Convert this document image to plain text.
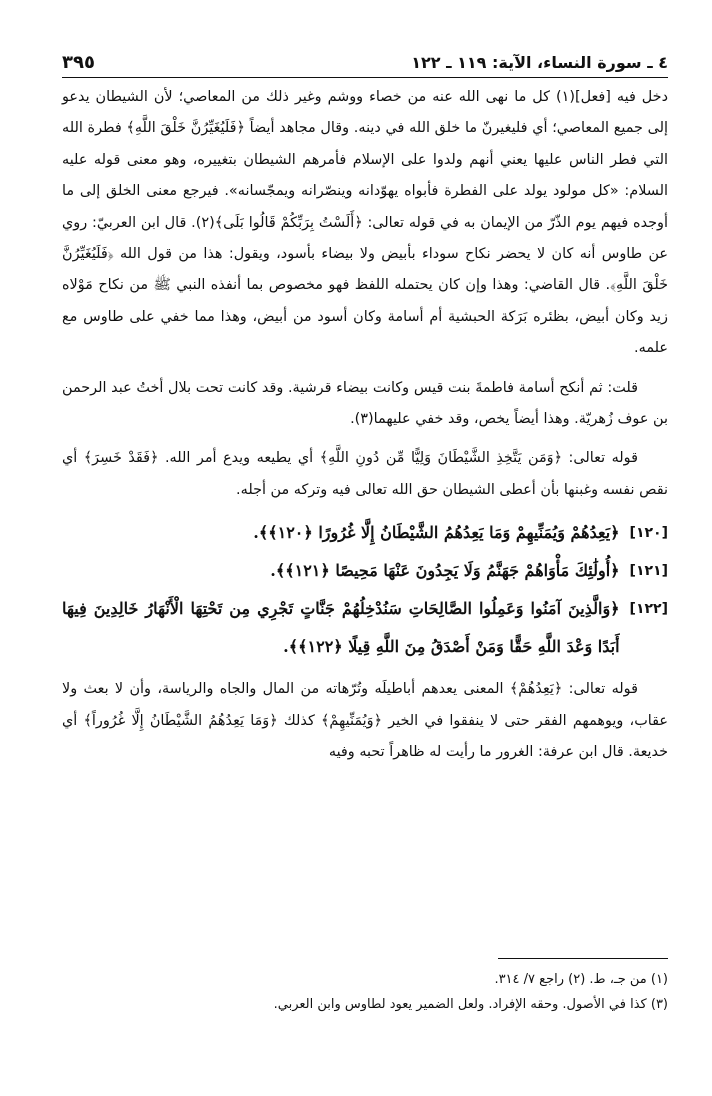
٤ ـ سورة النساء، الآية: ١١٩ ـ ١٢٢
٣٩٥

دخل فيه [فعل](١) كل ما نهى الله عنه من خصاء ووشم وغير ذلك من المعاصي؛ لأن الشيطان يدعو إلى جميع المعاصي؛ أي فليغيرنّ ما خلق الله في دينه. وقال مجاهد أيضاً ﴿فَلَيُغَيِّرُنَّ خَلْقَ اللَّهِ﴾ فطرة الله التي فطر الناس عليها يعني أنهم ولدوا على الإسلام فأمرهم الشيطان بتغييره، وهو معنى قوله عليه السلام: «كل مولود يولد على الفطرة فأبواه يهوّدانه وينصّرانه ويمجّسانه». فيرجع معنى الخلق إلى ما أوجده فيهم يوم الذّرّ من الإيمان به في قوله تعالى: ﴿أَلَسْتُ بِرَبِّكُمْ قَالُوا بَلَى﴾(٢). قال ابن العربيّ: روي عن طاوس أنه كان لا يحضر نكاح سوداء بأبيض ولا بيضاء بأسود، ويقول: هذا من قول الله ﴿فَلَيُغَيِّرُنَّ خَلْقَ اللَّهِ﴾. قال القاضي: وهذا وإن كان يحتمله اللفظ فهو مخصوص بما أنفذه النبي ﷺ من نكاح مَوْلاه زيد وكان أبيض، بظئره بَرَكة الحبشية أم أسامة وكان أسود من أبيض، وهذا مما خفي على طاوس مع علمه.

قلت: ثم أنكح أسامة فاطمةَ بنت قيس وكانت بيضاء قرشية. وقد كانت تحت بلال أختُ عبد الرحمن بن عوف زُهريّة. وهذا أيضاً يخص، وقد خفي عليهما(٣).

قوله تعالى: ﴿وَمَن يَتَّخِذِ الشَّيْطَانَ وَلِيًّا مِّن دُونِ اللَّهِ﴾ أي يطيعه ويدع أمر الله. ﴿فَقَدْ خَسِرَ﴾ أي نقص نفسه وغبنها بأن أعطى الشيطان حق الله تعالى فيه وتركه من أجله.

[١٢٠]
﴿يَعِدُهُمْ وَيُمَنِّيهِمْ وَمَا يَعِدُهُمُ الشَّيْطَانُ إِلَّا غُرُورًا ﴿١٢٠﴾﴾.
[١٢١]
﴿أُولَٰئِكَ مَأْوَاهُمْ جَهَنَّمُ وَلَا يَجِدُونَ عَنْهَا مَحِيصًا ﴿١٢١﴾﴾.
[١٢٢]
﴿وَالَّذِينَ آمَنُوا وَعَمِلُوا الصَّالِحَاتِ سَنُدْخِلُهُمْ جَنَّاتٍ تَجْرِي مِن تَحْتِهَا الْأَنْهَارُ خَالِدِينَ فِيهَا أَبَدًا وَعْدَ اللَّهِ حَقًّا وَمَنْ أَصْدَقُ مِنَ اللَّهِ قِيلًا ﴿١٢٢﴾﴾.

قوله تعالى: ﴿يَعِدُهُمْ﴾ المعنى يعدهم أباطيلَه وتُرّهاته من المال والجاه والرياسة، وأن لا بعث ولا عقاب، ويوهمهم الفقر حتى لا ينفقوا في الخير ﴿وَيُمَنِّيهِمْ﴾ كذلك ﴿وَمَا يَعِدُهُمُ الشَّيْطَانُ إِلَّا غُرُوراً﴾ أي خديعة. قال ابن عرفة: الغرور ما رأيت له ظاهراً تحبه وفيه

(١) من جـ، ط. (٢) راجع ٧/ ٣١٤.

(٣) كذا في الأصول. وحقه الإفراد. ولعل الضمير يعود لطاوس وابن العربي.
